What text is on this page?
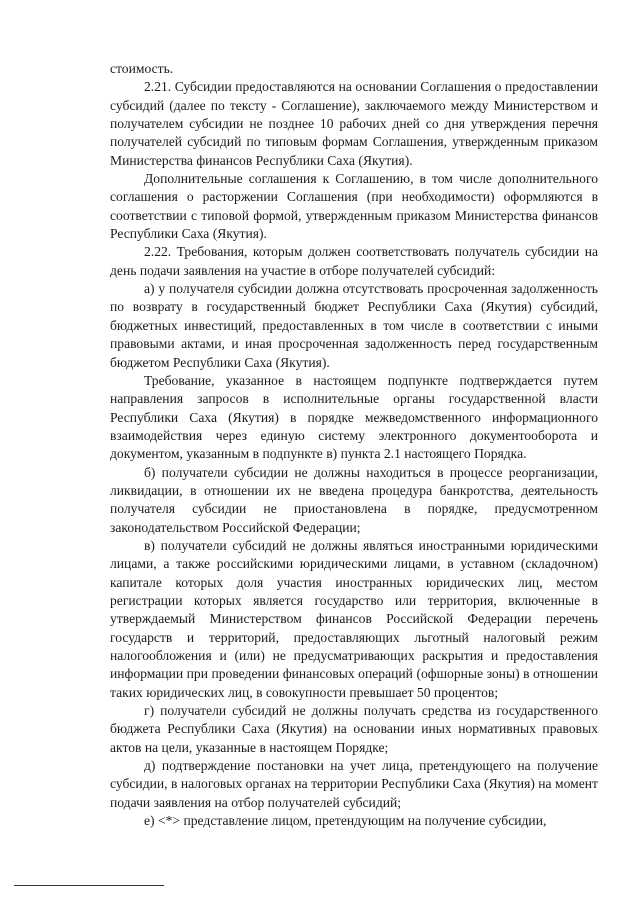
стоимость.

2.21. Субсидии предоставляются на основании Соглашения о предоставлении субсидий (далее по тексту - Соглашение), заключаемого между Министерством и получателем субсидии не позднее 10 рабочих дней со дня утверждения перечня получателей субсидий по типовым формам Соглашения, утвержденным приказом Министерства финансов Республики Саха (Якутия).

Дополнительные соглашения к Соглашению, в том числе дополнительного соглашения о расторжении Соглашения (при необходимости) оформляются в соответствии с типовой формой, утвержденным приказом Министерства финансов Республики Саха (Якутия).

2.22. Требования, которым должен соответствовать получатель субсидии на день подачи заявления на участие в отборе получателей субсидий:

а) у получателя субсидии должна отсутствовать просроченная задолженность по возврату в государственный бюджет Республики Саха (Якутия) субсидий, бюджетных инвестиций, предоставленных в том числе в соответствии с иными правовыми актами, и иная просроченная задолженность перед государственным бюджетом Республики Саха (Якутия).

Требование, указанное в настоящем подпункте подтверждается путем направления запросов в исполнительные органы государственной власти Республики Саха (Якутия) в порядке межведомственного информационного взаимодействия через единую систему электронного документооборота и документом, указанным в подпункте в) пункта 2.1 настоящего Порядка.

б) получатели субсидии не должны находиться в процессе реорганизации, ликвидации, в отношении их не введена процедура банкротства, деятельность получателя субсидии не приостановлена в порядке, предусмотренном законодательством Российской Федерации;

в) получатели субсидий не должны являться иностранными юридическими лицами, а также российскими юридическими лицами, в уставном (складочном) капитале которых доля участия иностранных юридических лиц, местом регистрации которых является государство или территория, включенные в утверждаемый Министерством финансов Российской Федерации перечень государств и территорий, предоставляющих льготный налоговый режим налогообложения и (или) не предусматривающих раскрытия и предоставления информации при проведении финансовых операций (офшорные зоны) в отношении таких юридических лиц, в совокупности превышает 50 процентов;

г) получатели субсидий не должны получать средства из государственного бюджета Республики Саха (Якутия) на основании иных нормативных правовых актов на цели, указанные в настоящем Порядке;

д) подтверждение постановки на учет лица, претендующего на получение субсидии, в налоговых органах на территории Республики Саха (Якутия) на момент подачи заявления на отбор получателей субсидий;

е) <*> представление лицом, претендующим на получение субсидии,
